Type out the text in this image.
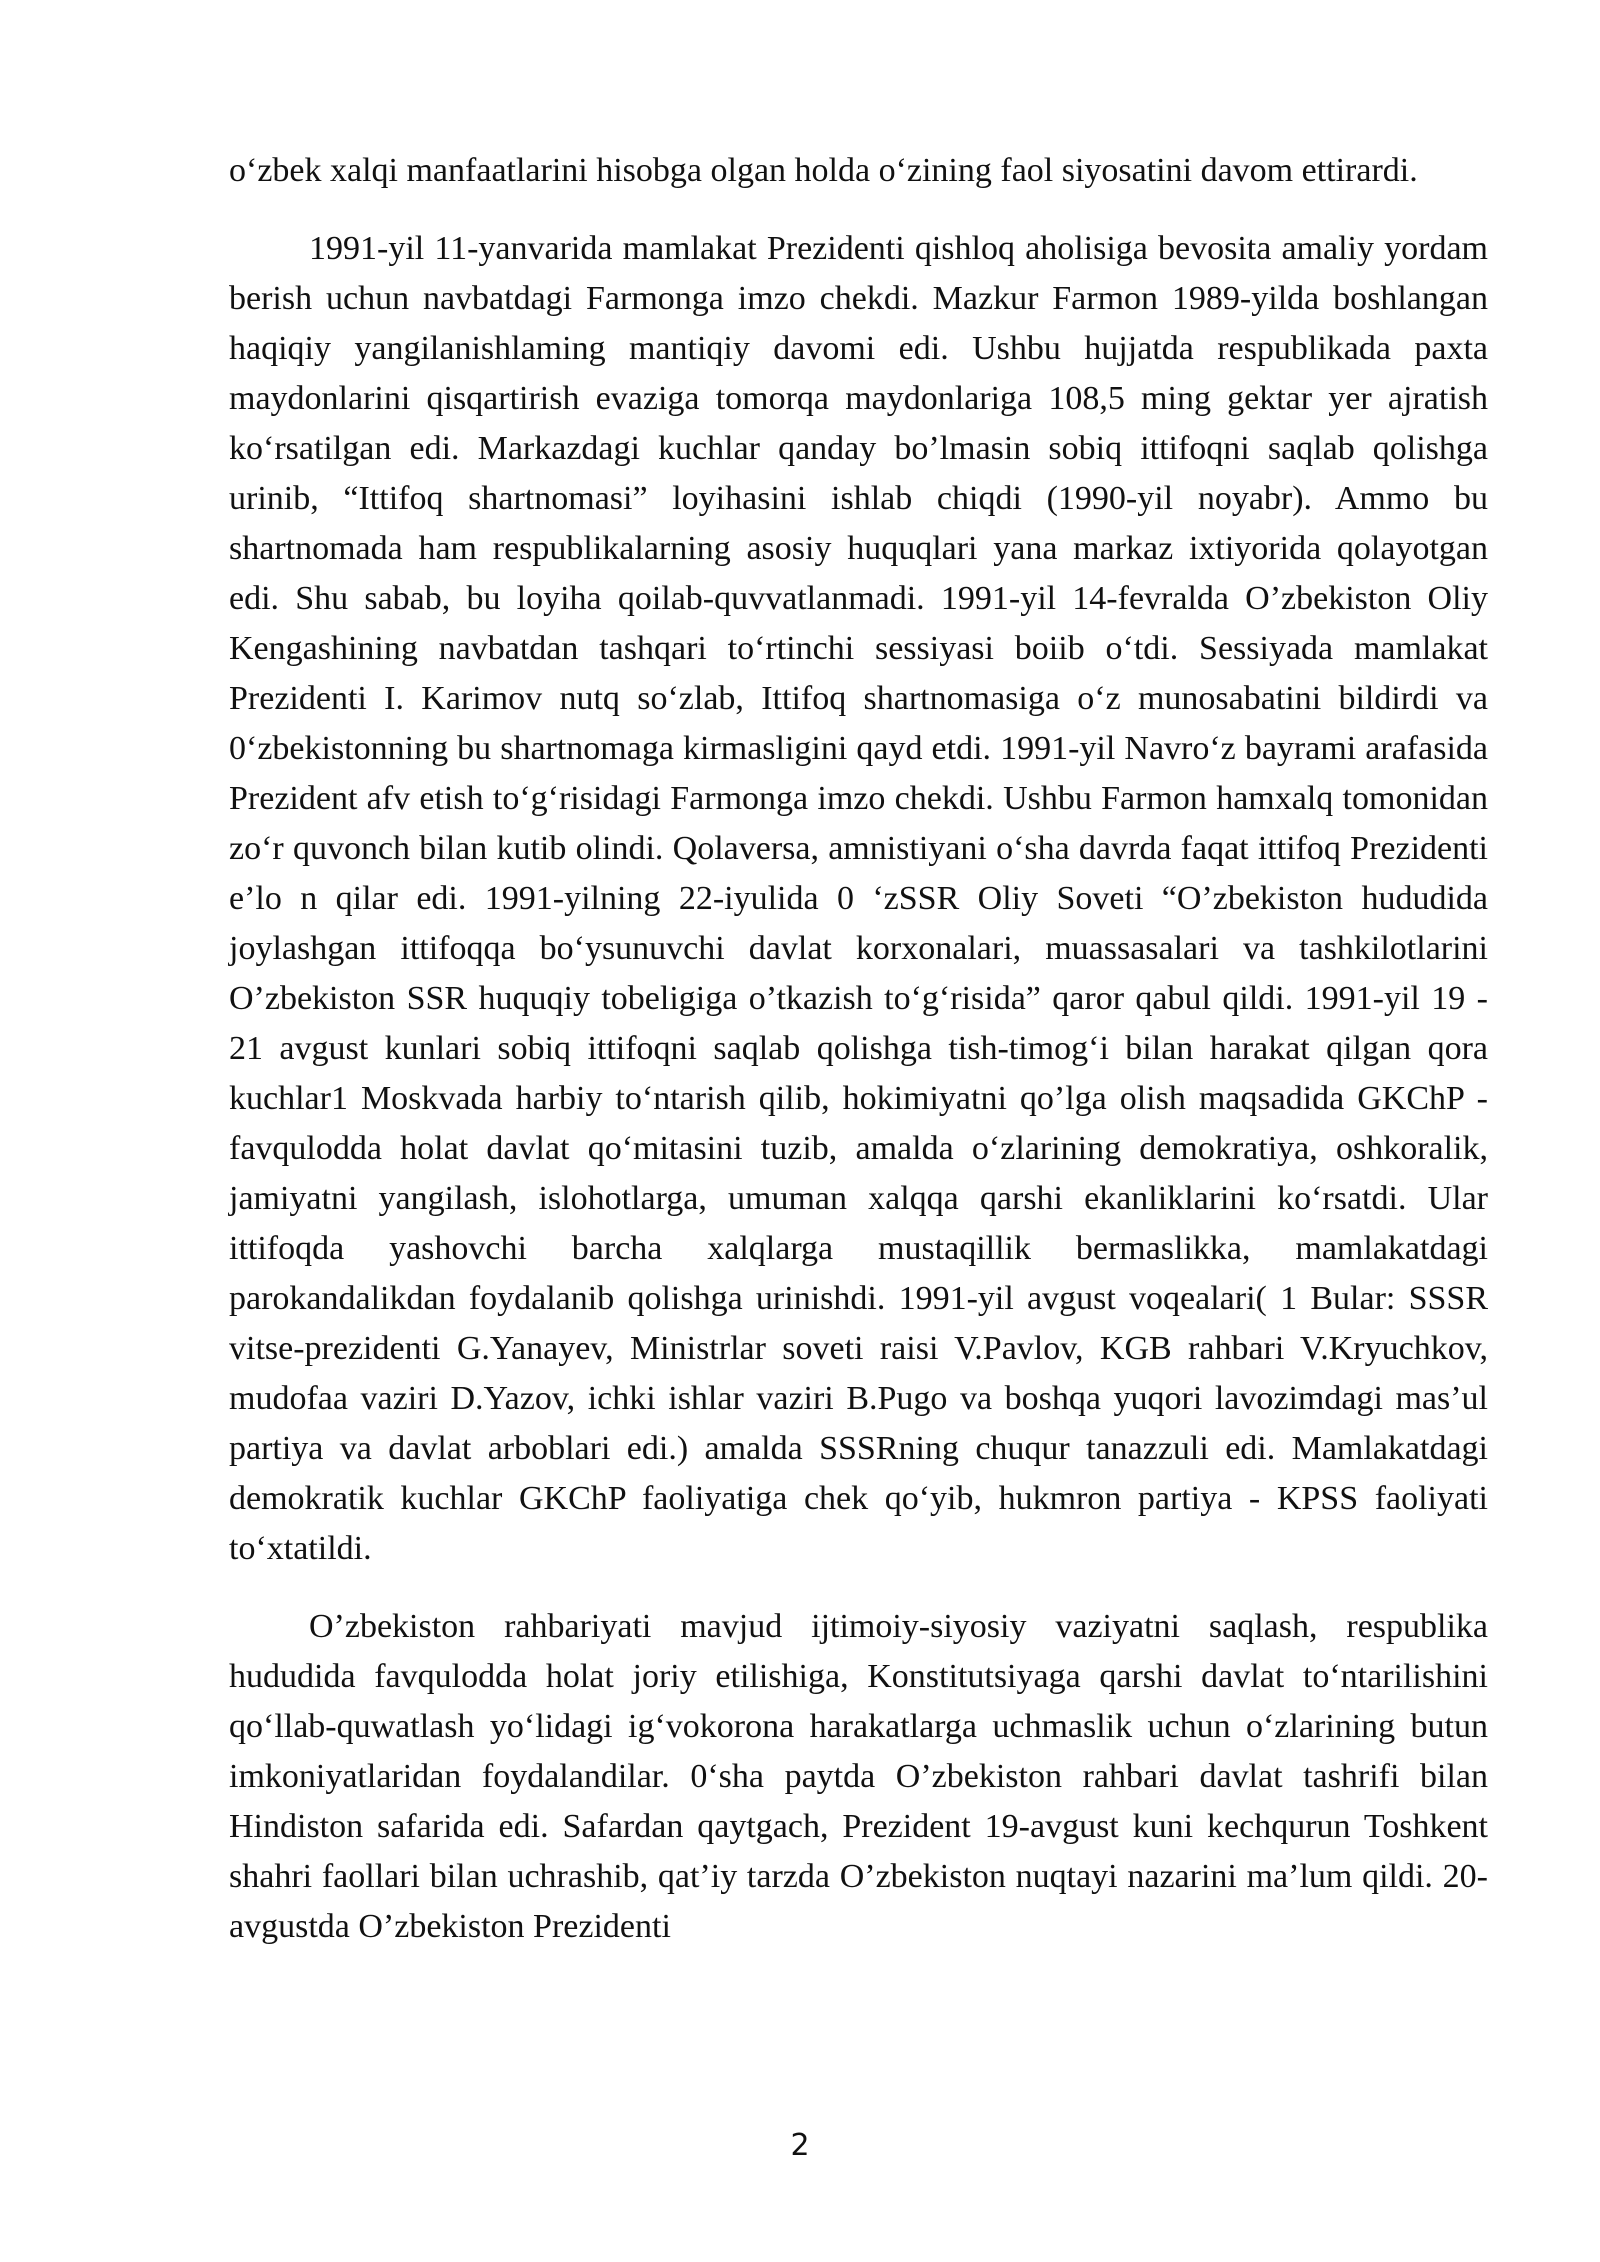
o‘zbek xalqi manfaatlarini hisobga olgan holda o‘zining faol siyosatini davom ettirardi.

1991-yil 11-yanvarida mamlakat Prezidenti qishloq aholisiga bevosita amaliy yordam berish uchun navbatdagi Farmonga imzo chekdi. Mazkur Farmon 1989-yilda boshlangan haqiqiy yangilanishlaming mantiqiy davomi edi. Ushbu hujjatda respublikada paxta maydonlarini qisqartirish evaziga tomorqa maydonlariga 108,5 ming gektar yer ajratish ko‘rsatilgan edi. Markazdagi kuchlar qanday bo’lmasin sobiq ittifoqni saqlab qolishga urinib, “Ittifoq shartnomasi” loyihasini ishlab chiqdi (1990-yil noyabr). Ammo bu shartnomada ham respublikalarning asosiy huquqlari yana markaz ixtiyorida qolayotgan edi. Shu sabab, bu loyiha qoilab-quvvatlanmadi. 1991-yil 14-fevralda O’zbekiston Oliy Kengashining navbatdan tashqari to‘rtinchi sessiyasi boiib o‘tdi. Sessiyada mamlakat Prezidenti I. Karimov nutq so‘zlab, Ittifoq shartnomasiga o‘z munosabatini bildirdi va 0‘zbekistonning bu shartnomaga kirmasligini qayd etdi. 1991-yil Navro‘z bayrami arafasida Prezident afv etish to‘g‘risidagi Farmonga imzo chekdi. Ushbu Farmon hamxalq tomonidan zo‘r quvonch bilan kutib olindi. Qolaversa, amnistiyani o‘sha davrda faqat ittifoq Prezidenti e’lo n qilar edi. 1991-yilning 22-iyulida 0 ‘zSSR Oliy Soveti “O’zbekiston hududida joylashgan ittifoqqa bo‘ysunuvchi davlat korxonalari, muassasalari va tashkilotlarini O’zbekiston SSR huquqiy tobeligiga o’tkazish to‘g‘risida” qaror qabul qildi. 1991-yil 19 - 21 avgust kunlari sobiq ittifoqni saqlab qolishga tish-timog‘i bilan harakat qilgan qora kuchlar1 Moskvada harbiy to‘ntarish qilib, hokimiyatni qo’lga olish maqsadida GKChP - favqulodda holat davlat qo‘mitasini tuzib, amalda o‘zlarining demokratiya, oshkoralik, jamiyatni yangilash, islohotlarga, umuman xalqqa qarshi ekanliklarini ko‘rsatdi. Ular ittifoqda yashovchi barcha xalqlarga mustaqillik bermaslikka, mamlakatdagi parokandalikdan foydalanib qolishga urinishdi. 1991-yil avgust voqealari( 1 Bular: SSSR vitse-prezidenti G.Yanayev, Ministrlar soveti raisi V.Pavlov, KGB rahbari V.Kryuchkov, mudofaa vaziri D.Yazov, ichki ishlar vaziri B.Pugo va boshqa yuqori lavozimdagi mas’ul partiya va davlat arboblari edi.) amalda SSSRning chuqur tanazzuli edi. Mamlakatdagi demokratik kuchlar GKChP faoliyatiga chek qo‘yib, hukmron partiya - KPSS faoliyati to‘xtatildi.

O’zbekiston rahbariyati mavjud ijtimoiy-siyosiy vaziyatni saqlash, respublika hududida favqulodda holat joriy etilishiga, Konstitutsiyaga qarshi davlat to‘ntarilishini qo‘llab-quwatlash yo‘lidagi ig‘vokorona harakatlarga uchmaslik uchun o‘zlarining butun imkoniyatlaridan foydalandilar. 0‘sha paytda O’zbekiston rahbari davlat tashrifi bilan Hindiston safarida edi. Safardan qaytgach, Prezident 19-avgust kuni kechqurun Toshkent shahri faollari bilan uchrashib, qat’iy tarzda O’zbekiston nuqtayi nazarini ma’lum qildi. 20-avgustda O’zbekiston Prezidenti

2
